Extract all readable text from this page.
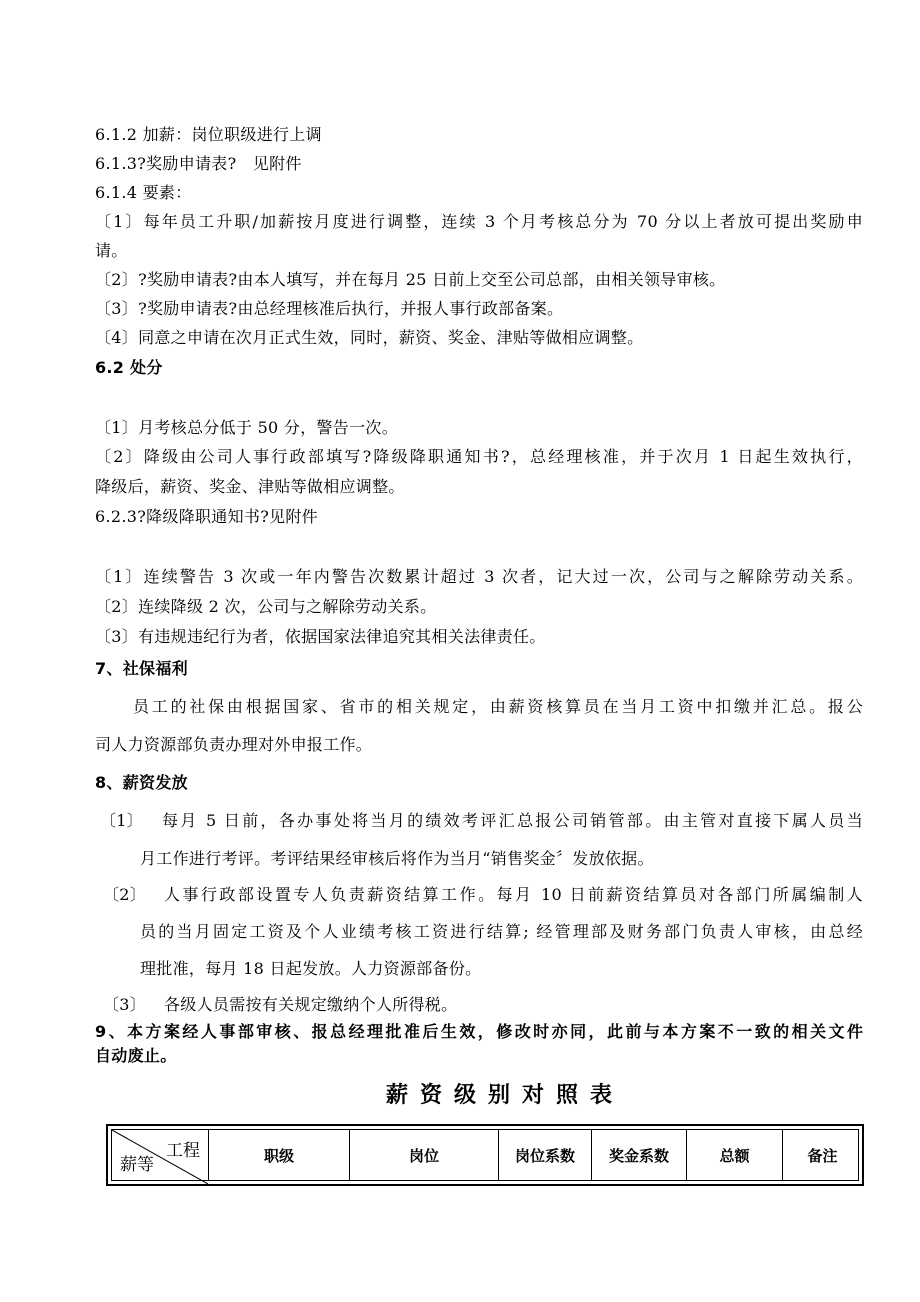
6.1.2 加薪：岗位职级进行上调
6.1.3?奖励申请表?　见附件
6.1.4 要素：
〔1〕每年员工升职/加薪按月度进行调整，连续 3 个月考核总分为 70 分以上者放可提出奖励申
请。
〔2〕?奖励申请表?由本人填写，并在每月 25 日前上交至公司总部，由相关领导审核。
〔3〕?奖励申请表?由总经理核准后执行，并报人事行政部备案。
〔4〕同意之申请在次月正式生效，同时，薪资、奖金、津贴等做相应调整。
6.2 处分
〔1〕月考核总分低于 50 分，警告一次。
〔2〕降级由公司人事行政部填写?降级降职通知书?，总经理核准，并于次月 1 日起生效执行，
降级后，薪资、奖金、津贴等做相应调整。
6.2.3?降级降职通知书?见附件
〔1〕连续警告 3 次或一年内警告次数累计超过 3 次者，记大过一次，公司与之解除劳动关系。
〔2〕连续降级 2 次，公司与之解除劳动关系。
〔3〕有违规违纪行为者，依据国家法律追究其相关法律责任。
7、社保福利
员工的社保由根据国家、省市的相关规定，由薪资核算员在当月工资中扣缴并汇总。报公
司人力资源部负责办理对外申报工作。
8、薪资发放
〔1〕 每月 5 日前，各办事处将当月的绩效考评汇总报公司销管部。由主管对直接下属人员当
月工作进行考评。考评结果经审核后将作为当月“销售奖金〞发放依据。
〔2〕 人事行政部设置专人负责薪资结算工作。每月 10 日前薪资结算员对各部门所属编制人
员的当月固定工资及个人业绩考核工资进行结算; 经管理部及财务部门负责人审核，由总经
理批准，每月 18 日起发放。人力资源部备份。
〔3〕 各级人员需按有关规定缴纳个人所得税。
9、本方案经人事部审核、报总经理批准后生效，修改时亦同，此前与本方案不一致的相关文件
自动废止。
薪资级别对照表
工程
薪等	职级	岗位	岗位系数	奖金系数	总额	备注
